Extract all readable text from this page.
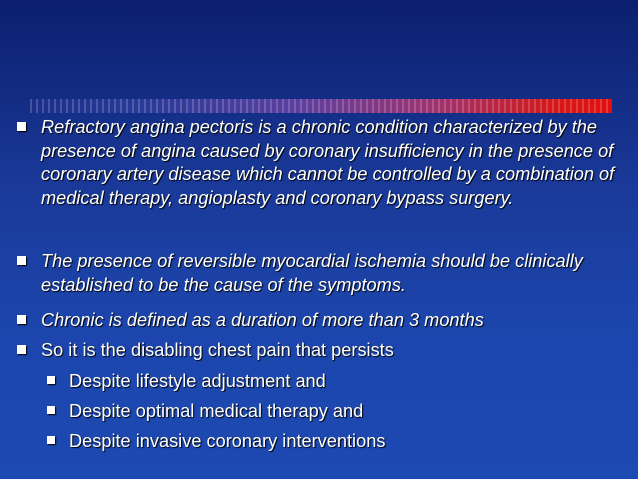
Refractory angina pectoris is a chronic condition characterized by the presence of angina caused by coronary insufficiency in the presence of coronary artery disease which cannot be controlled by a combination of medical therapy, angioplasty and coronary bypass surgery.
The presence of reversible myocardial ischemia should be clinically established to be the cause of the symptoms.
Chronic is defined as a duration of more than 3 months
So it is the disabling chest pain that persists
Despite lifestyle adjustment and
Despite optimal medical therapy and
Despite invasive coronary interventions
